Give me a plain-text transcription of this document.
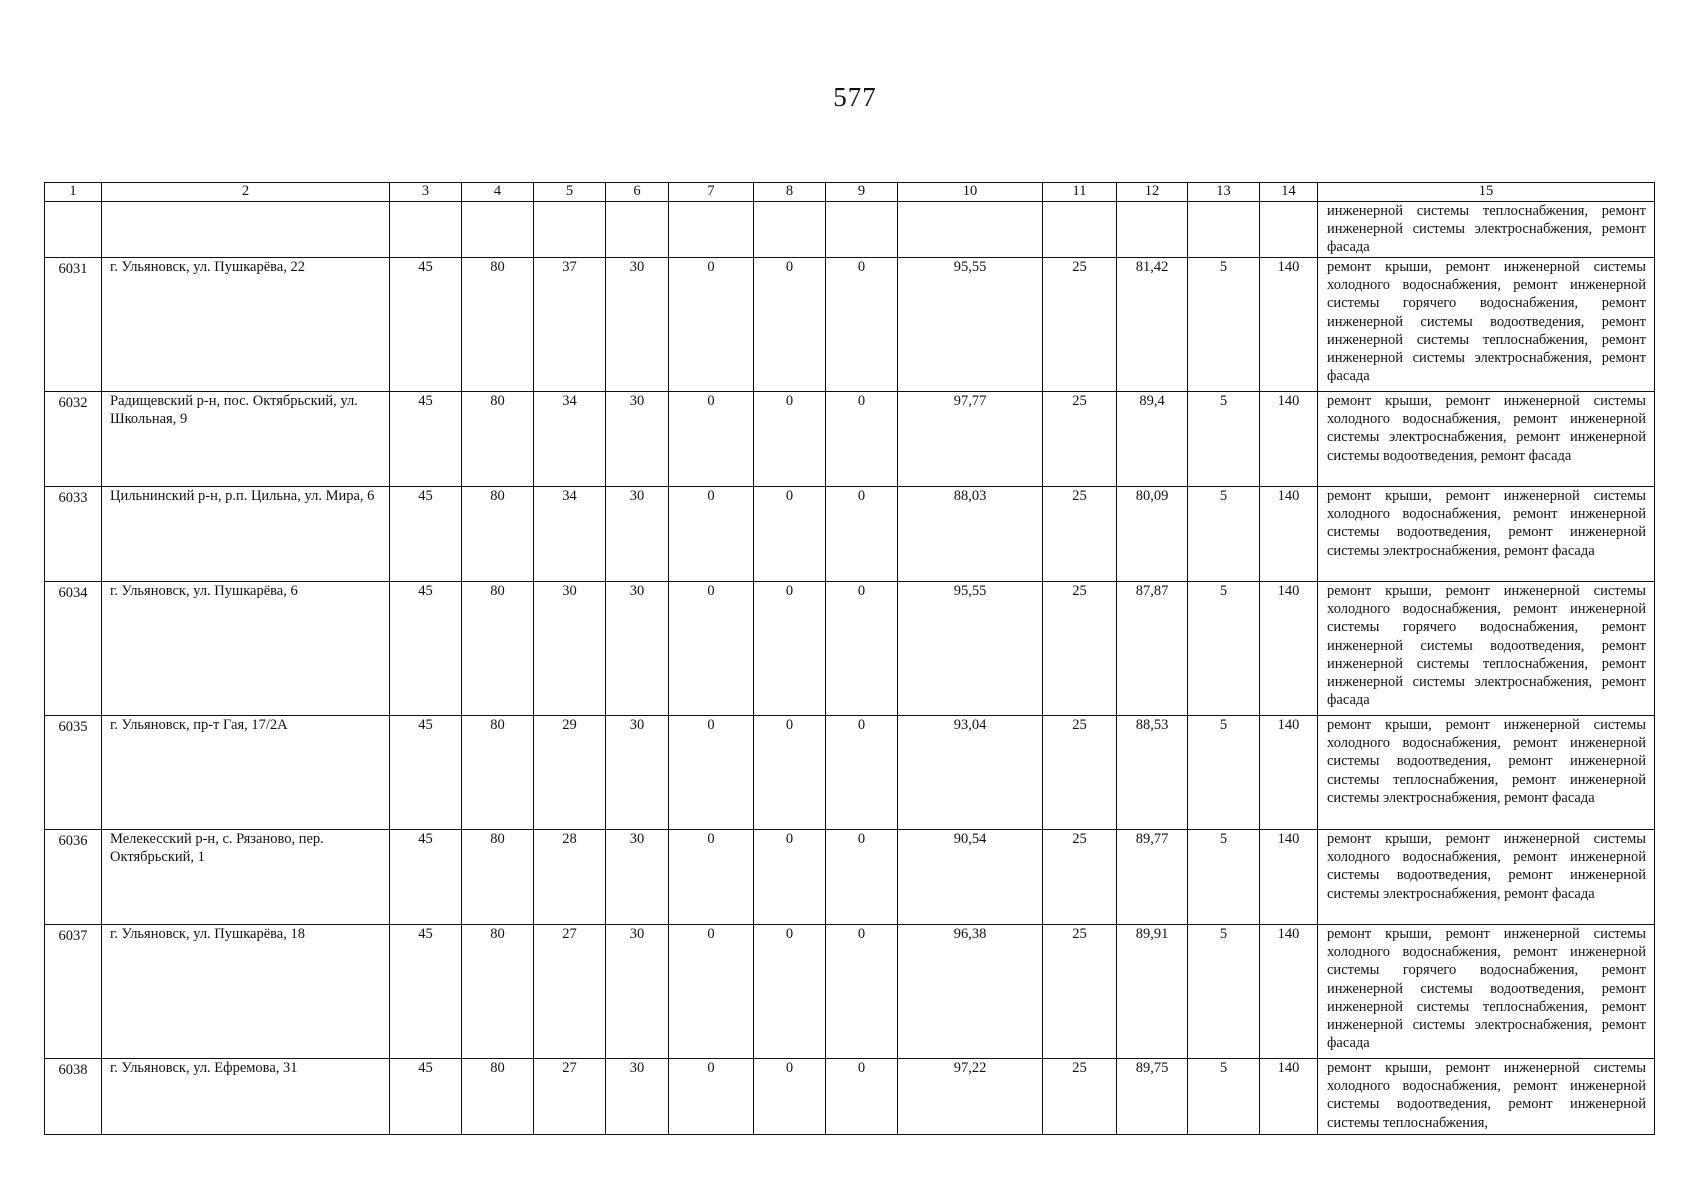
577
1	2	3	4	5	6	7	8	9	10	11	12	13	14	15
														инженерной системы теплоснабжения, ремонт инженерной системы электроснабжения, ремонт фасада
6031	г. Ульяновск, ул. Пушкарёва, 22	45	80	37	30	0	0	0	95,55	25	81,42	5	140	ремонт крыши, ремонт инженерной системы холодного водоснабжения, ремонт инженерной системы горячего водоснабжения, ремонт инженерной системы водоотведения, ремонт инженерной системы теплоснабжения, ремонт инженерной системы электроснабжения, ремонт фасада
6032	Радищевский р-н, пос. Октябрьский, ул. Школьная, 9	45	80	34	30	0	0	0	97,77	25	89,4	5	140	ремонт крыши, ремонт инженерной системы холодного водоснабжения, ремонт инженерной системы электроснабжения, ремонт инженерной системы водоотведения, ремонт фасада
6033	Цильнинский р-н, р.п. Цильна, ул. Мира, 6	45	80	34	30	0	0	0	88,03	25	80,09	5	140	ремонт крыши, ремонт инженерной системы холодного водоснабжения, ремонт инженерной системы водоотведения, ремонт инженерной системы электроснабжения, ремонт фасада
6034	г. Ульяновск, ул. Пушкарёва, 6	45	80	30	30	0	0	0	95,55	25	87,87	5	140	ремонт крыши, ремонт инженерной системы холодного водоснабжения, ремонт инженерной системы горячего водоснабжения, ремонт инженерной системы водоотведения, ремонт инженерной системы теплоснабжения, ремонт инженерной системы электроснабжения, ремонт фасада
6035	г. Ульяновск, пр-т Гая, 17/2А	45	80	29	30	0	0	0	93,04	25	88,53	5	140	ремонт крыши, ремонт инженерной системы холодного водоснабжения, ремонт инженерной системы водоотведения, ремонт инженерной системы теплоснабжения, ремонт инженерной системы электроснабжения, ремонт фасада
6036	Мелекесский р-н, с. Рязаново, пер. Октябрьский, 1	45	80	28	30	0	0	0	90,54	25	89,77	5	140	ремонт крыши, ремонт инженерной системы холодного водоснабжения, ремонт инженерной системы водоотведения, ремонт инженерной системы электроснабжения, ремонт фасада
6037	г. Ульяновск, ул. Пушкарёва, 18	45	80	27	30	0	0	0	96,38	25	89,91	5	140	ремонт крыши, ремонт инженерной системы холодного водоснабжения, ремонт инженерной системы горячего водоснабжения, ремонт инженерной системы водоотведения, ремонт инженерной системы теплоснабжения, ремонт инженерной системы электроснабжения, ремонт фасада
6038	г. Ульяновск, ул. Ефремова, 31	45	80	27	30	0	0	0	97,22	25	89,75	5	140	ремонт крыши, ремонт инженерной системы холодного водоснабжения, ремонт инженерной системы водоотведения, ремонт инженерной системы теплоснабжения,
